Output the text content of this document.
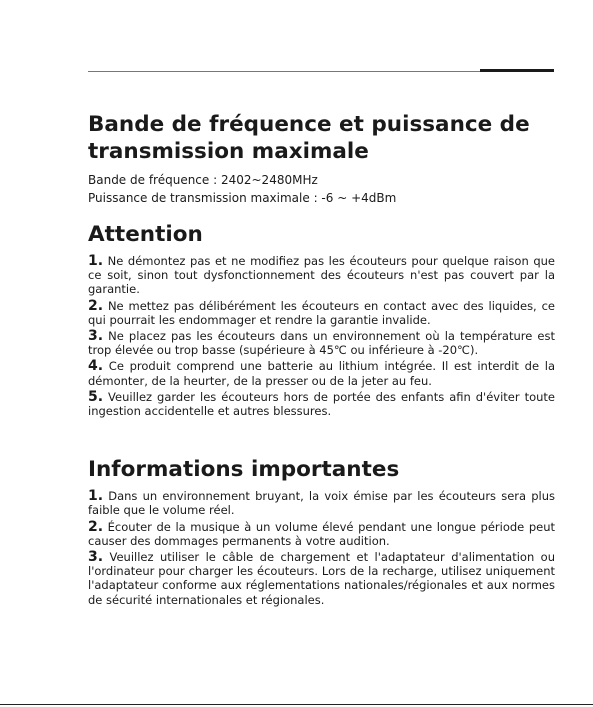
Bande de fréquence et puissance de transmission maximale

Bande de fréquence : 2402~2480MHz
Puissance de transmission maximale : -6 ~ +4dBm

Attention
1. Ne démontez pas et ne modifiez pas les écouteurs pour quelque raison que ce soit, sinon tout dysfonctionnement des écouteurs n'est pas couvert par la garantie.
2. Ne mettez pas délibérément les écouteurs en contact avec des liquides, ce qui pourrait les endommager et rendre la garantie invalide.
3. Ne placez pas les écouteurs dans un environnement où la température est trop élevée ou trop basse (supérieure à 45℃ ou inférieure à -20℃).
4. Ce produit comprend une batterie au lithium intégrée. Il est interdit de la démonter, de la heurter, de la presser ou de la jeter au feu.
5. Veuillez garder les écouteurs hors de portée des enfants afin d'éviter toute ingestion accidentelle et autres blessures.
Informations importantes
1. Dans un environnement bruyant, la voix émise par les écouteurs sera plus faible que le volume réel.
2. Écouter de la musique à un volume élevé pendant une longue période peut causer des dommages permanents à votre audition.
3. Veuillez utiliser le câble de chargement et l'adaptateur d'alimentation ou l'ordinateur pour charger les écouteurs. Lors de la recharge, utilisez uniquement l'adaptateur conforme aux réglementations nationales/régionales et aux normes de sécurité internationales et régionales.
